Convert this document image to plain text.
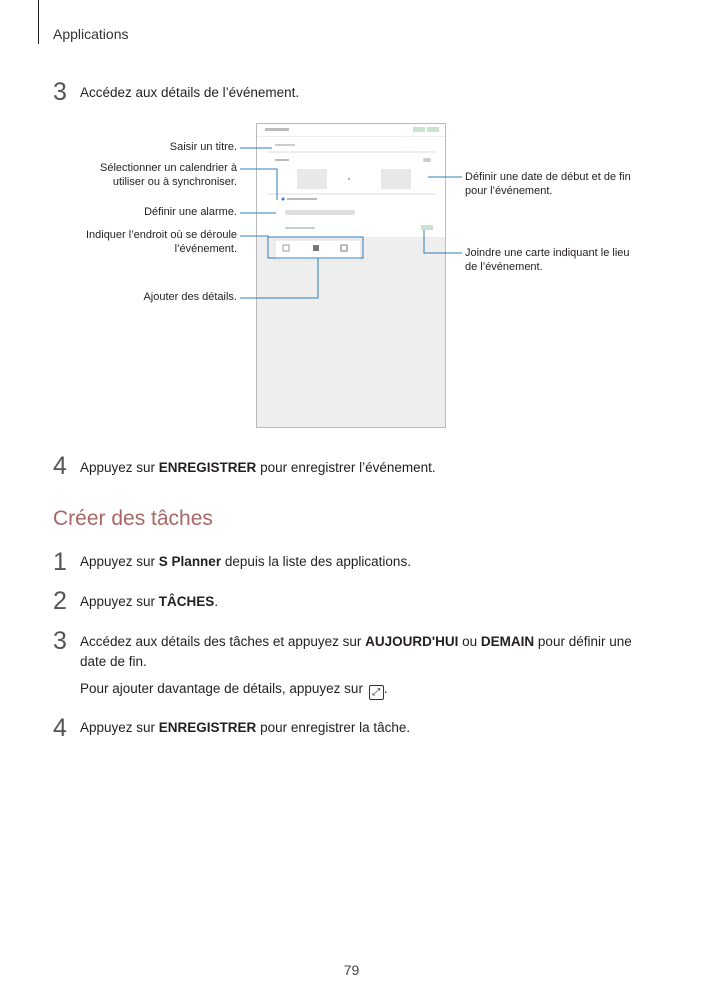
Applications
3 Accédez aux détails de l’événement.
Saisir un titre.
Sélectionner un calendrier à utiliser ou à synchroniser.
Définir une alarme.
Indiquer l’endroit où se déroule l’événement.
Ajouter des détails.
Définir une date de début et de fin pour l’événement.
Joindre une carte indiquant le lieu de l’événement.
4 Appuyez sur ENREGISTRER pour enregistrer l’événement.
Créer des tâches
1 Appuyez sur S Planner depuis la liste des applications.
2 Appuyez sur TÂCHES.
3 Accédez aux détails des tâches et appuyez sur AUJOURD'HUI ou DEMAIN pour définir une date de fin.
Pour ajouter davantage de détails, appuyez sur ⤢ .
4 Appuyez sur ENREGISTRER pour enregistrer la tâche.
79
